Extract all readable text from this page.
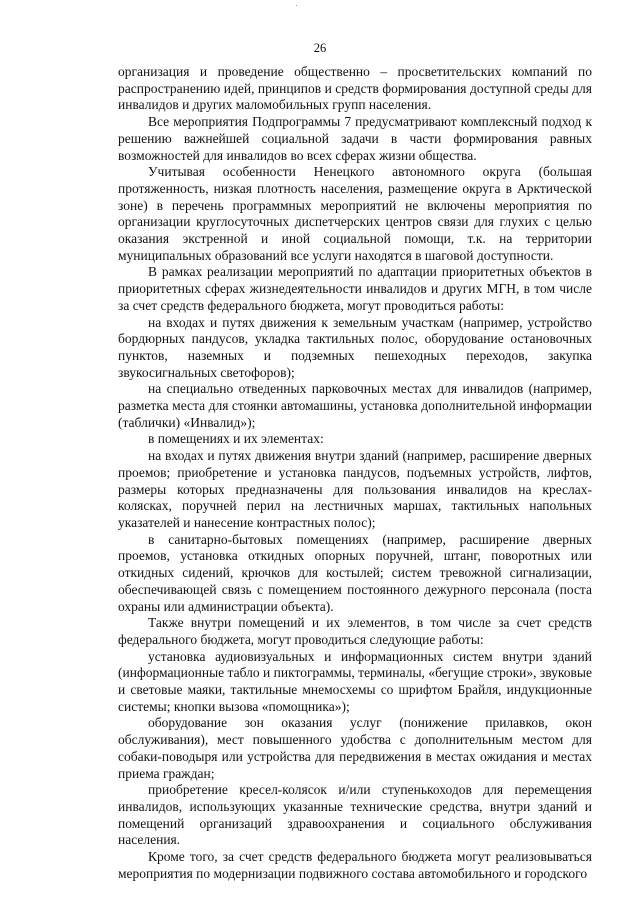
26

организация и проведение общественно – просветительских компаний по распространению идей, принципов и средств формирования доступной среды для инвалидов и других маломобильных групп населения.

Все мероприятия Подпрограммы 7 предусматривают комплексный подход к решению важнейшей социальной задачи в части формирования равных возможностей для инвалидов во всех сферах жизни общества.

Учитывая особенности Ненецкого автономного округа (большая протяженность, низкая плотность населения, размещение округа в Арктической зоне) в перечень программных мероприятий не включены мероприятия по организации круглосуточных диспетчерских центров связи для глухих с целью оказания экстренной и иной социальной помощи, т.к. на территории муниципальных образований все услуги находятся в шаговой доступности.

В рамках реализации мероприятий по адаптации приоритетных объектов в приоритетных сферах жизнедеятельности инвалидов и других МГН, в том числе за счет средств федерального бюджета, могут проводиться работы:

на входах и путях движения к земельным участкам (например, устройство бордюрных пандусов, укладка тактильных полос, оборудование остановочных пунктов, наземных и подземных пешеходных переходов, закупка звукосигнальных светофоров);

на специально отведенных парковочных местах для инвалидов (например, разметка места для стоянки автомашины, установка дополнительной информации (таблички) «Инвалид»);

в помещениях и их элементах:

на входах и путях движения внутри зданий (например, расширение дверных проемов; приобретение и установка пандусов, подъемных устройств, лифтов, размеры которых предназначены для пользования инвалидов на креслах-колясках, поручней перил на лестничных маршах, тактильных напольных указателей и нанесение контрастных полос);

в санитарно-бытовых помещениях (например, расширение дверных проемов, установка откидных опорных поручней, штанг, поворотных или откидных сидений, крючков для костылей; систем тревожной сигнализации, обеспечивающей связь с помещением постоянного дежурного персонала (поста охраны или администрации объекта).

Также внутри помещений и их элементов, в том числе за счет средств федерального бюджета, могут проводиться следующие работы:

установка аудиовизуальных и информационных систем внутри зданий (информационные табло и пиктограммы, терминалы, «бегущие строки», звуковые и световые маяки, тактильные мнемосхемы со шрифтом Брайля, индукционные системы; кнопки вызова «помощника»);

оборудование зон оказания услуг (понижение прилавков, окон обслуживания), мест повышенного удобства с дополнительным местом для собаки-поводыря или устройства для передвижения в местах ожидания и местах приема граждан;

приобретение кресел-колясок и/или ступенькоходов для перемещения инвалидов, использующих указанные технические средства, внутри зданий и помещений организаций здравоохранения и социального обслуживания населения.

Кроме того, за счет средств федерального бюджета могут реализовываться мероприятия по модернизации подвижного состава автомобильного и городского
